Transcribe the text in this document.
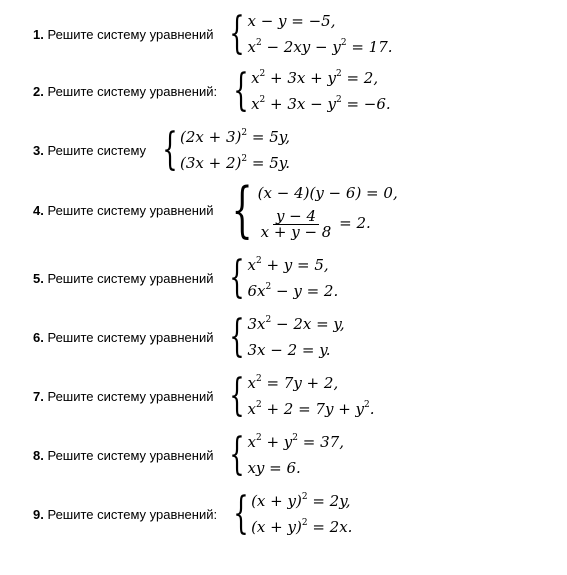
1. Решите систему уравнений { x − y = −5,
$x^2 - 2xy - y^2 = 17$.
2. Решите систему уравнений: { $x^2 + 3x + y^2 = 2$,
$x^2 + 3x - y^2 = -6$.
3. Решите систему { $(2x + 3)^2 = 5y$,
$(3x + 2)^2 = 5y$.
4. Решите систему уравнений { (x − 4)(y − 6) = 0,
$\frac{y - 4}{x + y - 8} = 2$.
5. Решите систему уравнений { $x^2 + y = 5$,
$6x^2 - y = 2$.
6. Решите систему уравнений { $3x^2 - 2x = y$,
3x − 2 = y.
7. Решите систему уравнений { $x^2 = 7y + 2$,
$x^2 + 2 = 7y + y^2$.
8. Решите систему уравнений { $x^2 + y^2 = 37$,
xy = 6.
9. Решите систему уравнений: { $(x + y)^2 = 2y$,
$(x + y)^2 = 2x$.
